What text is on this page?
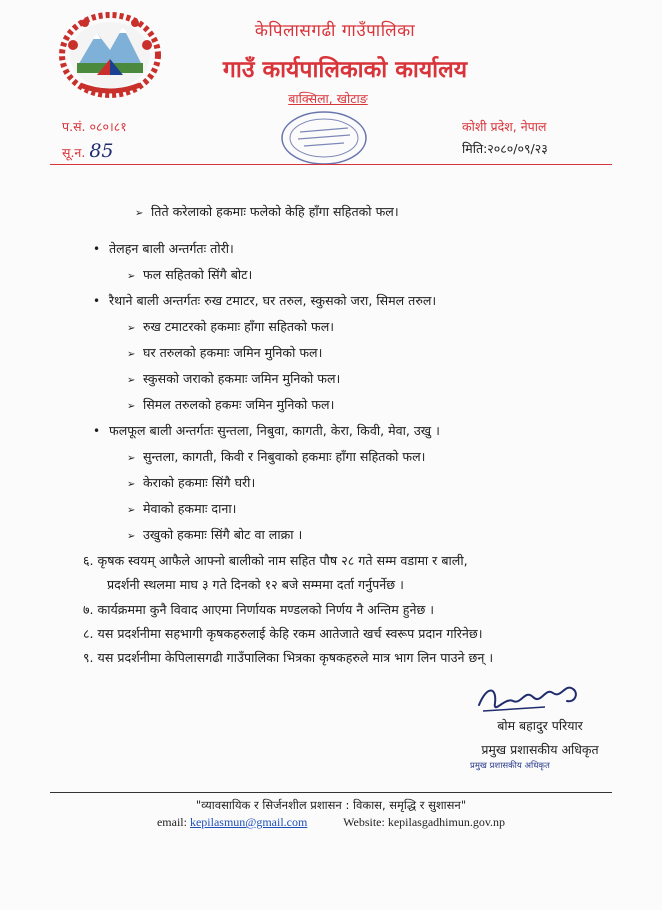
केपिलासगढी गाउँपालिका
गाउँ कार्यपालिकाको कार्यालय
बाक्सिला, खोटाङ
प.सं. ०८०।८१
सू.न. 85
कोशी प्रदेश, नेपाल
मिति:२०८०/०९/२३
➢ तिते करेलाको हकमाः फलेको केहि हाँगा सहितको फल।
• तेलहन बाली अन्तर्गतः तोरी।
➢ फल सहितको सिंगै बोट।
• रैथाने बाली अन्तर्गतः रुख टमाटर, घर तरुल, स्कुसको जरा, सिमल तरुल।
➢ रुख टमाटरको हकमाः हाँगा सहितको फल।
➢ घर तरुलको हकमाः जमिन मुनिको फल।
➢ स्कुसको जराको हकमाः जमिन मुनिको फल।
➢ सिमल तरुलको हकमः जमिन मुनिको फल।
• फलफूल बाली अन्तर्गतः सुन्तला, निबुवा, कागती, केरा, किवी, मेवा, उखु ।
➢ सुन्तला, कागती, किवी र निबुवाको हकमाः हाँगा सहितको फल।
➢ केराको हकमाः सिंगै घरी।
➢ मेवाको हकमाः दाना।
➢ उखुको हकमाः सिंगै बोट वा लाक्रा ।
६. कृषक स्वयम् आफैले आफ्नो बालीको नाम सहित पौष २८ गते सम्म वडामा र बाली,
प्रदर्शनी स्थलमा माघ ३ गते दिनको १२ बजे सम्ममा दर्ता गर्नुपर्नेछ ।
७. कार्यक्रममा कुनै विवाद आएमा निर्णायक मण्डलको निर्णय नै अन्तिम हुनेछ ।
८. यस प्रदर्शनीमा सहभागी कृषकहरुलाई केहि रकम आतेजाते खर्च स्वरूप प्रदान गरिनेछ।
९. यस प्रदर्शनीमा केपिलासगढी गाउँपालिका भित्रका कृषकहरुले मात्र भाग लिन पाउने छन् ।
बोम बहादुर परियार
प्रमुख प्रशासकीय अधिकृत
प्रमुख प्रशासकीय अधिकृत
"व्यावसायिक र सिर्जनशील प्रशासन : विकास, समृद्धि र सुशासन"
email: kepilasmun@gmail.com	Website: kepilasgadhimun.gov.np
